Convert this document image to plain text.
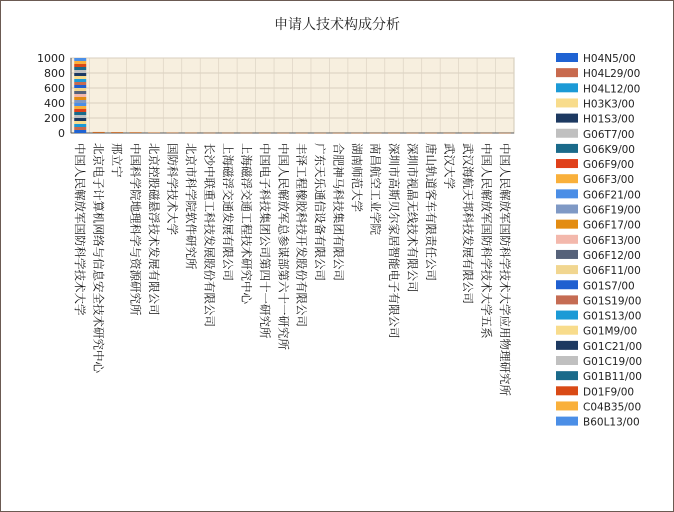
申请人技术构成分析
0
200
400
600
800
1000
中国人民解放军国防科学技术大学 北京电子计算机网络与信息安全技术研究中心 邢立宁 中国科学院地理科学与资源研究所 北京控股磁悬浮技术发展有限公司 国防科学技术大学 北京市科学院软件研究所 长沙中联重工科技发展股份有限公司 上海磁浮交通发展有限公司 上海磁浮交通工程技术研究中心 中国电子科技集团公司第四十一研究所 中国人民解放军总参谋部第六十一研究所 丰泽工程橡胶科技开发股份有限公司 广东天乐通信设备有限公司 合肥神马科技集团有限公司 湖南师范大学 南昌航空工业学院 深圳市高斯贝尔家居智能电子有限公司 深圳市视晶无线技术有限公司 唐山轨道客车有限责任公司 武汉大学 武汉海航天邦科技发展有限公司 中国人民解放军国防科学技术大学五系 中国人民解放军国防科学技术大学应用物理研究所
H04N5/00
H04L29/00
H04L12/00
H03K3/00
H01S3/00
G06T7/00
G06K9/00
G06F9/00
G06F3/00
G06F21/00
G06F19/00
G06F17/00
G06F13/00
G06F12/00
G06F11/00
G01S7/00
G01S19/00
G01S13/00
G01M9/00
G01C21/00
G01C19/00
G01B11/00
D01F9/00
C04B35/00
B60L13/00
